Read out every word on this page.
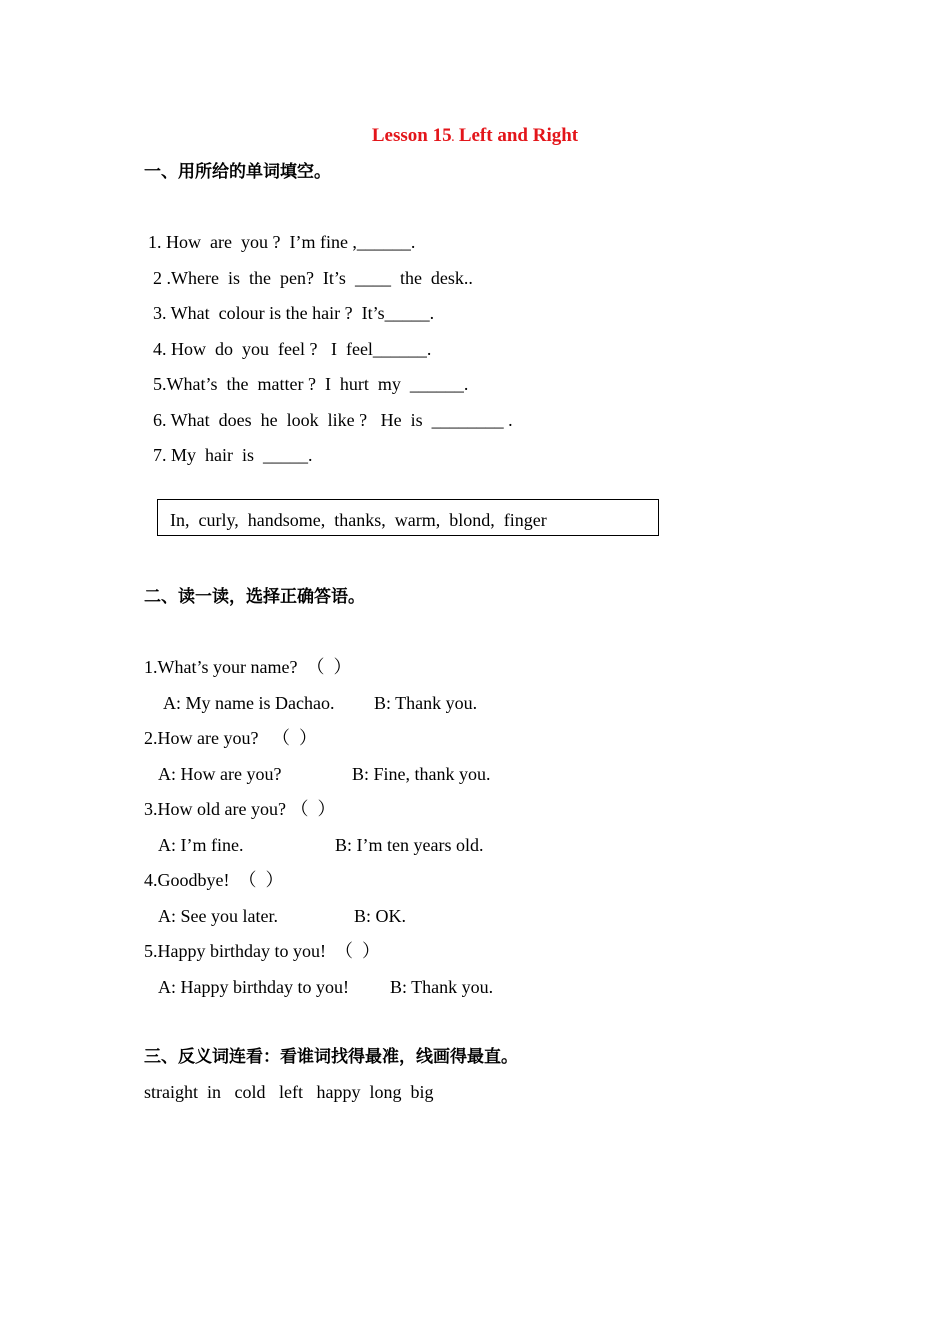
Lesson 15. Left and Right
一、用所给的单词填空。
1. How  are  you ?  I’m fine ,______.
2 .Where  is  the  pen?  It’s  ____  the  desk..
3. What  colour is the hair ?  It’s_____.
4. How  do  you  feel ?   I  feel______.
5.What’s  the  matter ?  I  hurt  my  ______.
6. What  does  he  look  like ?   He  is  ________ .
7. My  hair  is  _____.
In,  curly,  handsome,  thanks,  warm,  blond,  finger
二、读一读，选择正确答语。
1.What’s your name?  （  ）
A: My name is Dachao. B: Thank you.
2.How are you?   （  ）
A: How are you?	B: Fine, thank you.
3.How old are you? （  ）
A: I’m fine.	B: I’m ten years old.
4.Goodbye!  （  ）
A: See you later.	B: OK.
5.Happy birthday to you!  （  ）
A: Happy birthday to you! B: Thank you.
三、反义词连看：看谁词找得最准，线画得最直。
straight  in   cold   left   happy  long  big
